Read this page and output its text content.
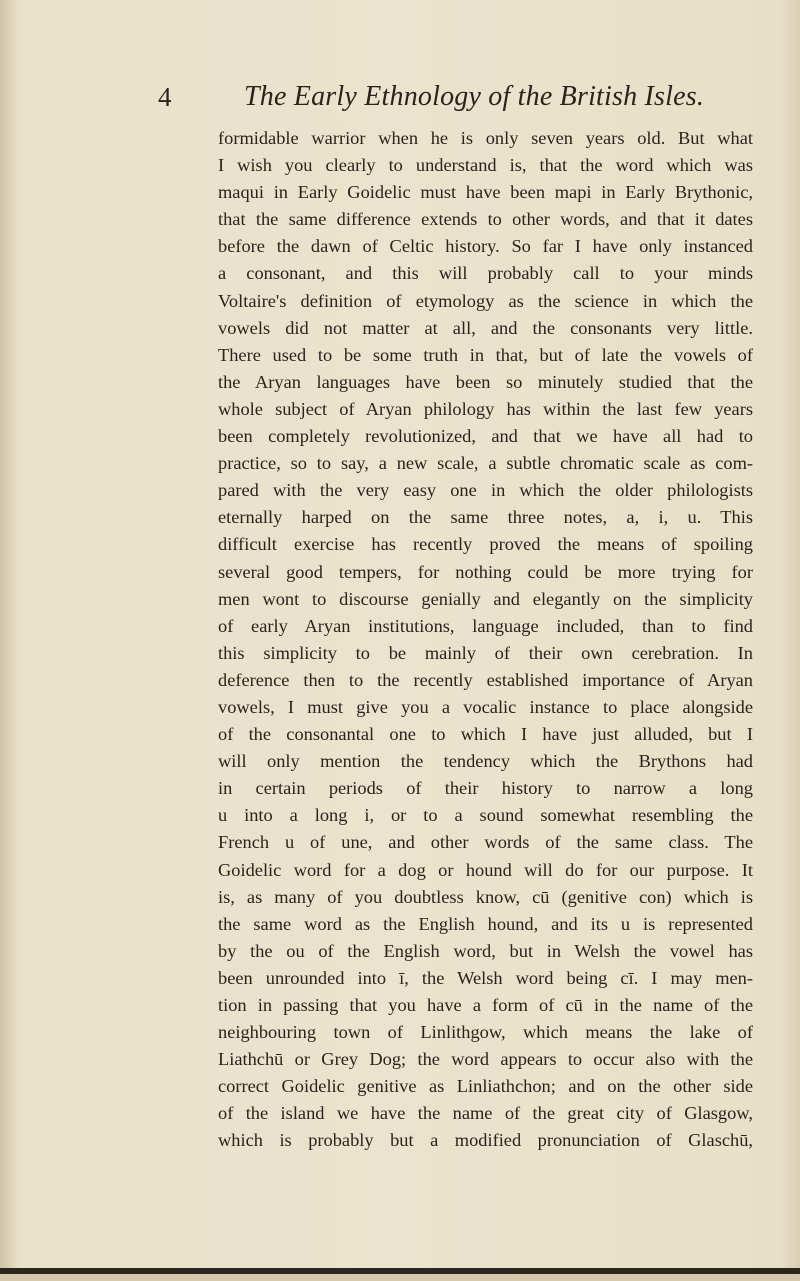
4	The Early Ethnology of the British Isles.
formidable warrior when he is only seven years old. But what
I wish you clearly to understand is, that the word which was
maqui in Early Goidelic must have been mapi in Early Brythonic,
that the same difference extends to other words, and that it dates
before the dawn of Celtic history. So far I have only instanced
a consonant, and this will probably call to your minds
Voltaire's definition of etymology as the science in which the
vowels did not matter at all, and the consonants very little.
There used to be some truth in that, but of late the vowels of
the Aryan languages have been so minutely studied that the
whole subject of Aryan philology has within the last few years
been completely revolutionized, and that we have all had to
practice, so to say, a new scale, a subtle chromatic scale as com-
pared with the very easy one in which the older philologists
eternally harped on the same three notes, a, i, u. This
difficult exercise has recently proved the means of spoiling
several good tempers, for nothing could be more trying for
men wont to discourse genially and elegantly on the simplicity
of early Aryan institutions, language included, than to find
this simplicity to be mainly of their own cerebration. In
deference then to the recently established importance of Aryan
vowels, I must give you a vocalic instance to place alongside
of the consonantal one to which I have just alluded, but I
will only mention the tendency which the Brythons had
in certain periods of their history to narrow a long
u into a long i, or to a sound somewhat resembling the
French u of une, and other words of the same class. The
Goidelic word for a dog or hound will do for our purpose. It
is, as many of you doubtless know, cū (genitive con) which is
the same word as the English hound, and its u is represented
by the ou of the English word, but in Welsh the vowel has
been unrounded into ī, the Welsh word being cī. I may men-
tion in passing that you have a form of cū in the name of the
neighbouring town of Linlithgow, which means the lake of
Liathchū or Grey Dog; the word appears to occur also with the
correct Goidelic genitive as Linliathchon; and on the other side
of the island we have the name of the great city of Glasgow,
which is probably but a modified pronunciation of Glaschū,
